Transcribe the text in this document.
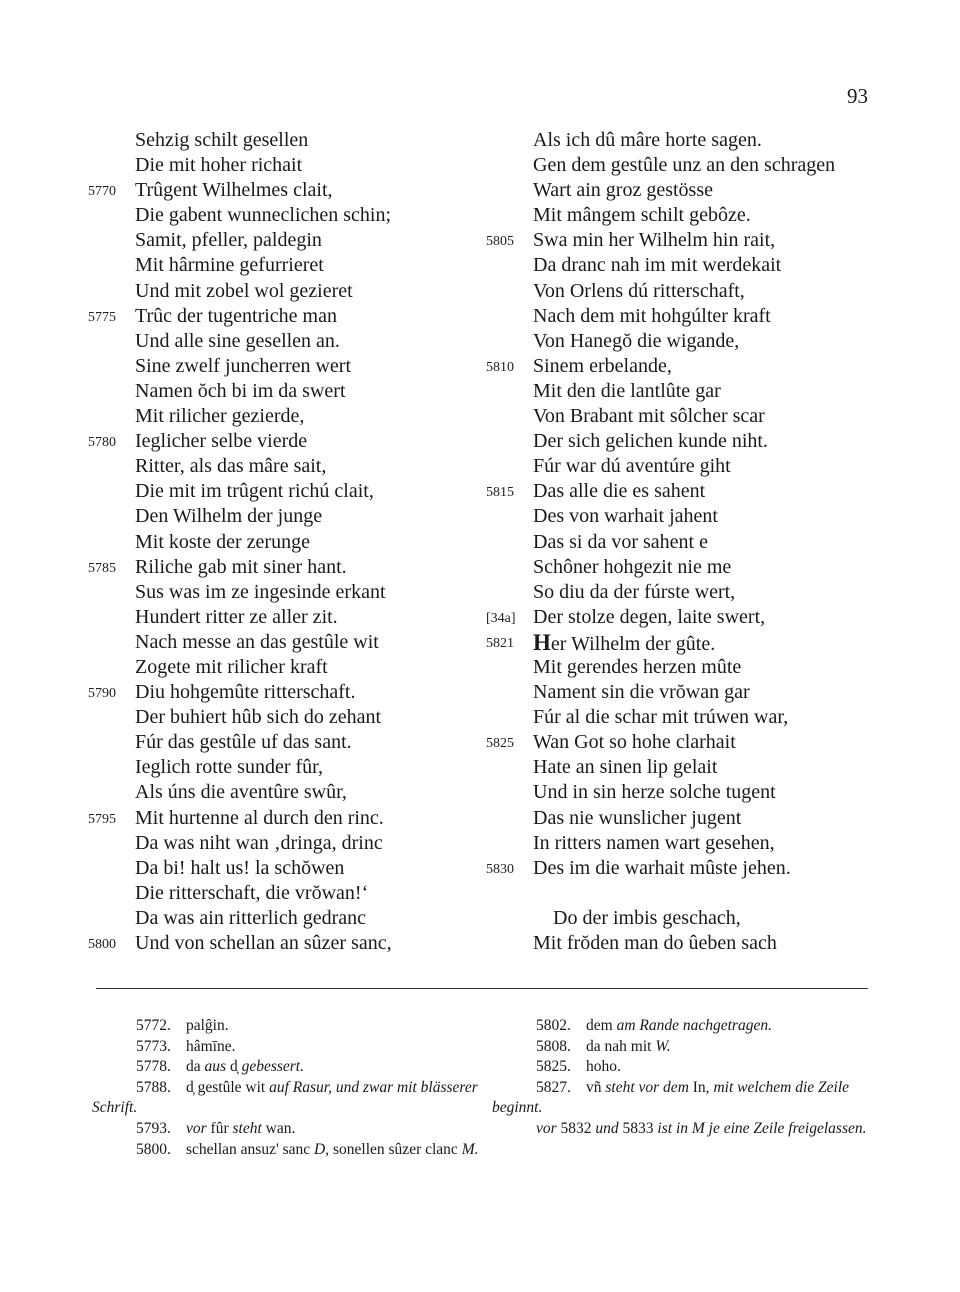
93
Sehzig schilt gesellen
Die mit hoher richait
5770 Trûgent Wilhelmes clait,
Die gabent wunneclichen schin;
Samit, pfeller, paldegin
Mit hârmine gefurrieret
Und mit zobel wol gezieret
5775 Trûc der tugentriche man
Und alle sine gesellen an.
Sine zwelf juncherren wert
Namen ŏch bi im da swert
Mit rilicher gezierde,
5780 Ieglicher selbe vierde
Ritter, als das mâre sait,
Die mit im trûgent richú clait,
Den Wilhelm der junge
Mit koste der zerunge
5785 Riliche gab mit siner hant.
Sus was im ze ingesinde erkant
Hundert ritter ze aller zit.
Nach messe an das gestûle wit
Zogete mit rilicher kraft
5790 Diu hohgemûte ritterschaft.
Der buhiert hûb sich do zehant
Fúr das gestûle uf das sant.
Ieglich rotte sunder fûr,
Als úns die aventûre swûr,
5795 Mit hurtenne al durch den rinc.
Da was niht wan ‚dringa, drinc
Da bi! halt us! la schŏwen
Die ritterschaft, die vrŏwan!‘
Da was ain ritterlich gedranc
5800 Und von schellan an sûzer sanc,
Als ich dû mâre horte sagen.
Gen dem gestûle unz an den schragen
Wart ain groz gestösse
Mit mângem schilt gebôze.
5805 Swa min her Wilhelm hin rait,
Da dranc nah im mit werdekait
Von Orlens dú ritterschaft,
Nach dem mit hohgúlter kraft
Von Hanegŏ die wigande,
5810 Sinem erbelande,
Mit den die lantlûte gar
Von Brabant mit sôlcher scar
Der sich gelichen kunde niht.
Fúr war dú aventúre giht
5815 Das alle die es sahent
Des von warhait jahent
Das si da vor sahent e
Schôner hohgezit nie me
So diu da der fúrste wert,
[34a] Der stolze degen, laite swert,
5821 Her Wilhelm der gûte.
Mit gerendes herzen mûte
Nament sin die vrŏwan gar
Fúr al die schar mit trúwen war,
5825 Wan Got so hohe clarhait
Hate an sinen lip gelait
Und in sin herze solche tugent
Das nie wunslicher jugent
In ritters namen wart gesehen,
5830 Des im die warhait mûste jehen.
Do der imbis geschach,
Mit frŏden man do ûeben sach
5772. palĝin.
5773. hâmīne.
5778. da aus d̦ gebessert.
5788. d̦ gestûle wit auf Rasur, und zwar mit blässerer Schrift.
5793. vor fûr steht wan.
5800. schellan ansuz' sanc D, sonellen sûzer clanc M.
5802. dem am Rande nachgetragen.
5808. da nah mit W.
5825. hoho.
5827. vñ steht vor dem In, mit welchem die Zeile beginnt.
vor 5832 und 5833 ist in M je eine Zeile freigelassen.
